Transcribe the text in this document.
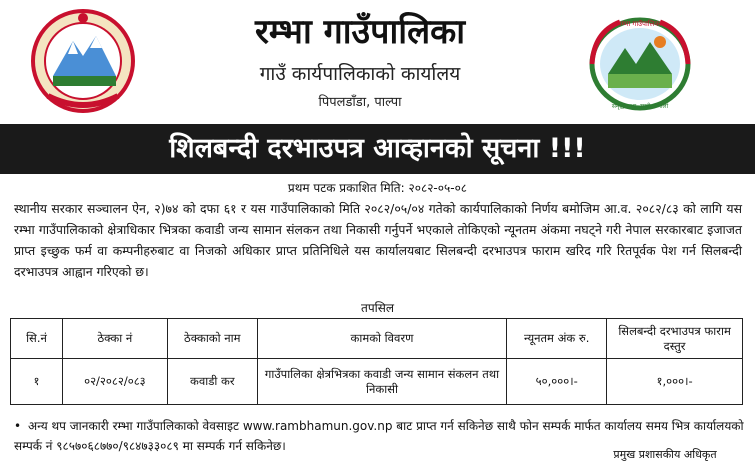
रम्भा गाउँपालिका
गाउँ कार्यपालिकाको कार्यालय
पिपलडाँडा, पाल्पा
रम्भा गाउँपालिका
समृद्ध रम्भा, सुखी रम्भाली
शिलबन्दी दरभाउपत्र आव्हानको सूचना !!!
प्रथम पटक प्रकाशित मिति: २०८२-०५-०८
स्थानीय सरकार सञ्चालन ऐन, २)७४ को दफा ६१ र यस गाउँपालिकाको मिति २०८२/०५/०४ गतेको कार्यपालिकाको निर्णय बमोजिम आ.व. २०८२/८३ को लागि यस रम्भा गाउँपालिकाको क्षेत्राधिकार भित्रका कवाडी जन्य सामान संलकन तथा निकासी गर्नुपर्ने भएकाले तोकिएको न्यूनतम अंकमा नघट्ने गरी नेपाल सरकारबाट इजाजत प्राप्त इच्छुक फर्म वा कम्पनीहरुबाट वा निजको अधिकार प्राप्त प्रतिनिधिले यस कार्यालयबाट सिलबन्दी दरभाउपत्र फाराम खरिद गरि रितपूर्वक पेश गर्न सिलबन्दी दरभाउपत्र आह्वान गरिएको छ।
तपसिल
सि.नं	ठेक्का नं	ठेक्काको नाम	कामको विवरण	न्यूनतम अंक रु.	सिलबन्दी दरभाउपत्र फाराम दस्तुर
१	०२/२०८२/०८३	कवाडी कर	गाउँपालिका क्षेत्रभित्रका कवाडी जन्य सामान संकलन तथा निकासी	५०,०००।-	१,०००।-
• अन्य थप जानकारी रम्भा गाउँपालिकाको वेवसाइट www.rambhamun.gov.np बाट प्राप्त गर्न सकिनेछ साथै फोन सम्पर्क मार्फत कार्यालय समय भित्र कार्यालयको सम्पर्क नं ९८५७०६८७७०/९८४७३३०८९ मा सम्पर्क गर्न सकिनेछ।
प्रमुख प्रशासकीय अधिकृत
